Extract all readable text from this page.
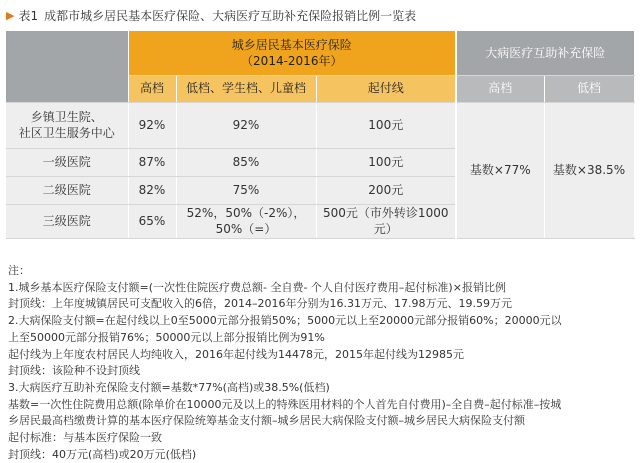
▶ 表1 成都市城乡居民基本医疗保险、大病医疗互助补充保险报销比例一览表

	城乡居民基本医疗保险
（2014-2016年）			大病医疗互助补充保险	
	高档	低档、学生档、儿童档	起付线	高档	低档

乡镇卫生院、
社区卫生服务中心	92%	92%	100元	基数×77%	基数×38.5%
一级医院	87%	85%	100元		
二级医院	82%	75%	200元		
三级医院	65%	52%，50%（-2%），50%（=）	500元（市外转诊1000元）		
注：
1.城乡基本医疗保险支付额=(一次性住院医疗费总额- 全自费- 个人自付医疗费用–起付标准)×报销比例
封顶线：上年度城镇居民可支配收入的6倍，2014–2016年分别为16.31万元、17.98万元、19.59万元
2.大病保险支付额=在起付线以上0至5000元部分报销50%；5000元以上至20000元部分报销60%；20000元以
上至50000元部分报销76%；50000元以上部分报销比例为91%
起付线为上年度农村居民人均纯收入，2016年起付线为14478元，2015年起付线为12985元
封顶线：该险种不设封顶线
3.大病医疗互助补充保险支付额=基数*77%(高档)或38.5%(低档)
基数=一次性住院费用总额(除单价在10000元及以上的特殊医用材料的个人首先自付费用)–全自费–起付标准–按城
乡居民最高档缴费计算的基本医疗保险统筹基金支付额–城乡居民大病保险支付额–城乡居民大病保险支付额
起付标准：与基本医疗保险一致
封顶线：40万元(高档)或20万元(低档)
